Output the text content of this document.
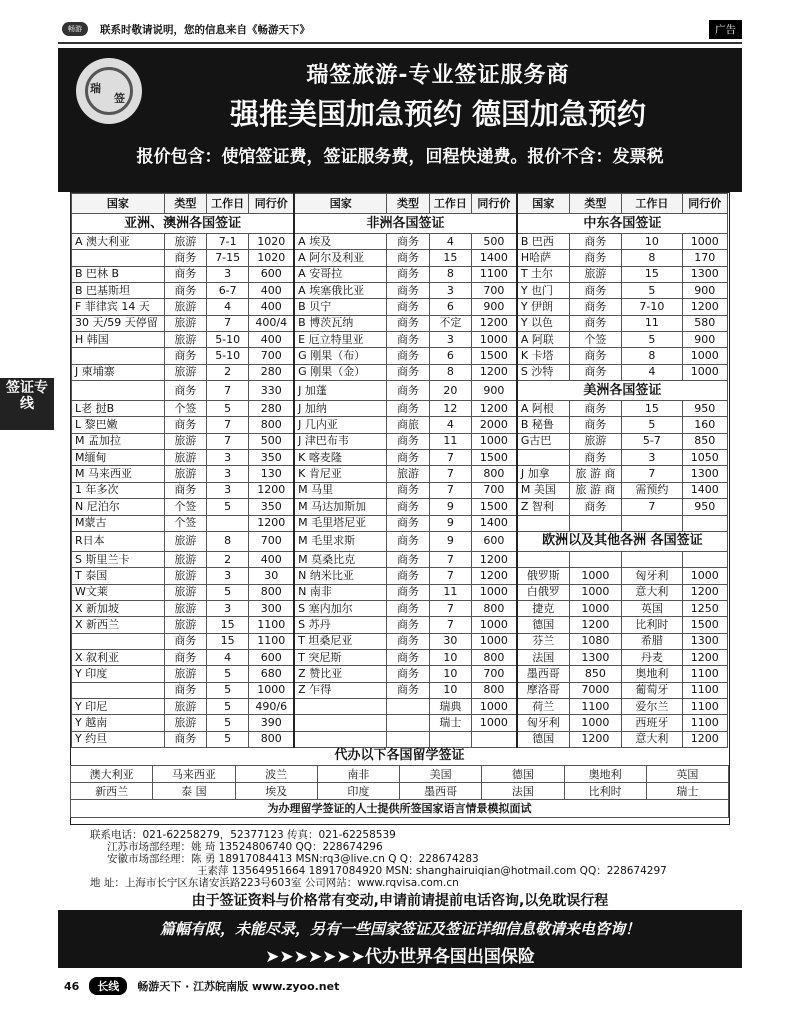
畅游	联系时敬请说明，您的信息来自《畅游天下》	广告
签证专线
瑞
签
瑞签旅游-专业签证服务商
强推美国加急预约 德国加急预约
报价包含：使馆签证费，签证服务费，回程快递费。报价不含：发票税
国家	类型	工作日	同行价	国家	类型	工作日	同行价	国家	类型	工作日	同行价
亚洲、澳洲各国签证				非洲各国签证				中东各国签证			
A 澳大利亚	旅游	7-1	1020	A 埃及	商务	4	500	B 巴西	商务	10	1000
	商务	7-15	1020	A 阿尔及利亚	商务	15	1400	H哈萨	商务	8	170
B 巴林 B	商务	3	600	A 安哥拉	商务	8	1100	T 土尔	旅游	15	1300
B 巴基斯坦	商务	6-7	400	A 埃塞俄比亚	商务	3	700	Y 也门	商务	5	900
F 菲律宾 14 天	旅游	4	400	B 贝宁	商务	6	900	Y 伊朗	商务	7-10	1200
30 天/59 天停留	旅游	7	400/4	B 博茨瓦纳	商务	不定	1200	Y 以色	商务	11	580
H 韩国	旅游	5-10	400	E 厄立特里亚	商务	3	1000	A 阿联	个签	5	900
	商务	5-10	700	G 刚果（布）	商务	6	1500	K 卡塔	商务	8	1000
J 柬埔寨	旅游	2	280	G 刚果（金）	商务	8	1200	S 沙特	商务	4	1000
	商务	7	330	J 加蓬	商务	20	900	美洲各国签证			
L老 挝B	个签	5	280	J 加纳	商务	12	1200	A 阿根	商务	15	950
L 黎巴嫩	商务	7	800	J 几内亚	商旅	4	2000	B 秘鲁	商务	5	160
M 孟加拉	旅游	7	500	J 津巴布韦	商务	11	1000	G古巴	旅游	5-7	850
M缅甸	旅游	3	350	K 喀麦隆	商务	7	1500		商务	3	1050
M 马来西亚	旅游	3	130	K 肯尼亚	旅游	7	800	J 加拿	旅 游 商	7	1300
1 年多次	商务	3	1200	M 马里	商务	7	700	M 美国	旅 游 商	需预约	1400
N 尼泊尔	个签	5	350	M 马达加斯加	商务	9	1500	Z 智利	商务	7	950
M蒙古	个签		1200	M 毛里塔尼亚	商务	9	1400				
R日本	旅游	8	700	M 毛里求斯	商务	9	600	欧洲以及其他各洲 各国签证			
S 斯里兰卡	旅游	2	400	M 莫桑比克	商务	7	1200				
T 泰国	旅游	3	30	N 纳米比亚	商务	7	1200	俄罗斯	1000	匈牙利	1000
W文莱	旅游	5	800	N 南非	商务	11	1000	白俄罗	1000	意大利	1200
X 新加坡	旅游	3	300	S 塞内加尔	商务	7	800	捷克	1000	英国	1250
X 新西兰	旅游	15	1100	S 苏丹	商务	7	1000	德国	1200	比利时	1500
	商务	15	1100	T 坦桑尼亚	商务	30	1000	芬兰	1080	希腊	1300
X 叙利亚	商务	4	600	T 突尼斯	商务	10	800	法国	1300	丹麦	1200
Y 印度	旅游	5	680	Z 赞比亚	商务	10	700	墨西哥	850	奥地利	1100
	商务	5	1000	Z 乍得	商务	10	800	摩洛哥	7000	葡萄牙	1100
Y 印尼	旅游	5	490/6			瑞典	1000	荷兰	1100	爱尔兰	1100
Y 越南	旅游	5	390			瑞士	1000	匈牙利	1000	西班牙	1100
Y 约旦	商务	5	800					德国	1200	意大利	1200
代办以下各国留学签证							
澳大利亚	马来西亚	波兰	南非	美国	德国	奥地利	英国
新西兰	泰 国	埃及	印度	墨西哥	法国	比利时	瑞士
为办理留学签证的人士提供所签国家语言情景模拟面试							
联系电话：021-62258279，52377123 传真：021-62258539
江苏市场部经理：姚 琦 13524806740 QQ：228674296
安徽市场部经理：陈 勇 18917084413 MSN:rq3@live.cn Q Q：228674283
王素萍 13564951664 18917084920 MSN: shanghairuiqian@hotmail.com QQ：228674297
地 址：上海市长宁区东诸安浜路223号603室 公司网站：www.rqvisa.com.cn
由于签证资料与价格常有变动,申请前请提前电话咨询,以免耽误行程
篇幅有限，未能尽录，另有一些国家签证及签证详细信息敬请来电咨询！
➤➤➤➤➤➤➤代办世界各国出国保险
46	长线	畅游天下 · 江苏皖南版 www.zyoo.net
